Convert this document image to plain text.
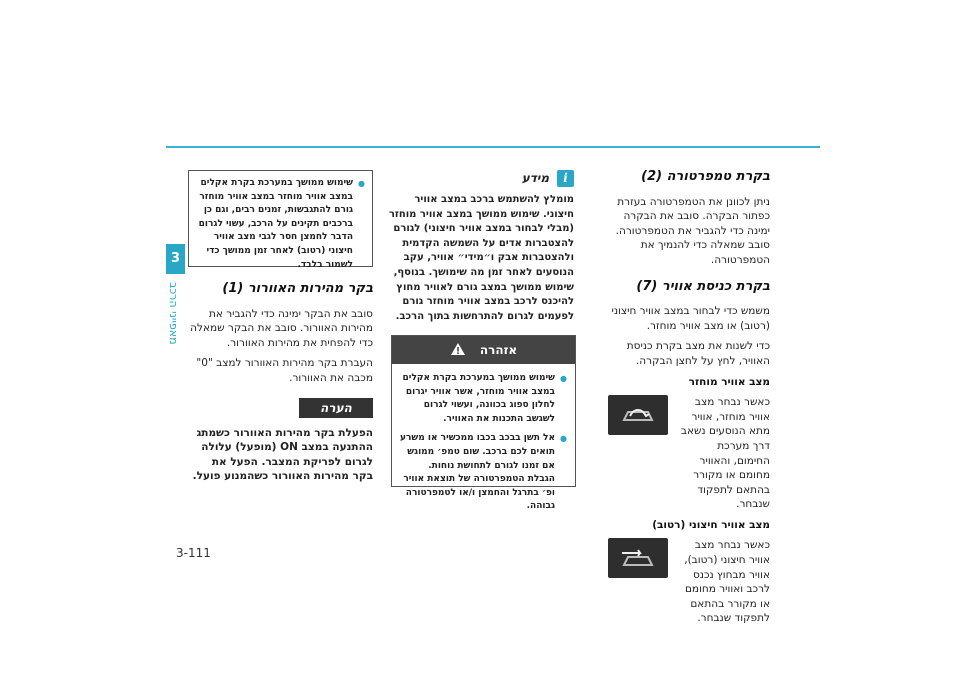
3
מאפייני הרכב
בקרת טמפרטורה (2)

ניתן לכוונן את הטמפרטורה בעזרת כפתור הבקרה. סובב את הבקרה ימינה כדי להגביר את הטמפרטורה. סובב שמאלה כדי להנמיך את הטמפרטורה.

בקרת כניסת אוויר (7)

משמש כדי לבחור במצב אוויר חיצוני (רטוב) או מצב אוויר מוחזר.

כדי לשנות את מצב בקרת כניסת האוויר, לחץ על לחצן הבקרה.

מצב אוויר מוחזר
כאשר נבחר מצב אוויר מוחזר, אוויר מתא הנוסעים נשאב דרך מערכת החימום, והאוויר מחומם או מקורר בהתאם לתפקוד שנבחר.
מצב אוויר חיצוני (רטוב)
כאשר נבחר מצב אוויר חיצוני (רטוב), אוויר מבחוץ נכנס לרכב ואוויר מחומם או מקורר בהתאם לתפקוד שנבחר.
i
מידע

מומלץ להשתמש ברכב במצב אוויר חיצוני. שימוש ממושך במצב אוויר מוחזר (מבלי לבחור במצב אוויר חיצוני) לגורם להצטברות אדים על השמשה הקדמית ולהצטברות אבק ו״מידי״ אוויר, עקב הנוסעים לאחר זמן מה שימושך. בנוסף, שימוש ממושך במצב גורם לאוויר מחוץ להיכנס לרכב במצב אוויר מוחזר גורם לפעמים לגרום להתרחשות בתוך הרכב.

אזהרה
● שימוש ממושך במערכת בקרת אקלים במצב אוויר מוחזר, אשר אוויר יגרום לחלון ספוג בכוונה, ועשוי לגרום לשגשב התכנות את האוויר.
● אל תשן בבכב בכבו ממכשיר או משרע תואים לכם ברכב. שום טמפ׳ ממוגש אם זמנו לגורם לתחושת נוחות. הגבלת הטמפרטורה של תוצאת אוויר ופ׳ בתרגל והחמצן ו/או לטמפרטורה גבוהה.
● שימוש ממושך במערכת בקרת אקלים במצב אוויר מוחזר במצב אוויר מוחזר גורם להתגבשות, זמנים רבים, וגם כן ברכבים תקינים על הרכב, עשוי לגרום הדבר לחמצן חסר לגבי מצב אוויר חיצוני (רטוב) לאחר זמן ממושך כדי לשמור בלבד.
בקר מהירות האוורור (1)

סובב את הבקר ימינה כדי להגביר את מהירות האוורור. סובב את הבקר שמאלה כדי להפחית את מהירות האוורור.

העברת בקר מהירות האוורור למצב "0" מכבה את האוורור.

הערה

הפעלת בקר מהירות האוורור כשמתג ההתנעה במצב ON (מופעל) עלולה לגרום לפריקת המצבר. הפעל את בקר מהירות האוורור כשהמנוע פועל.

3-111
